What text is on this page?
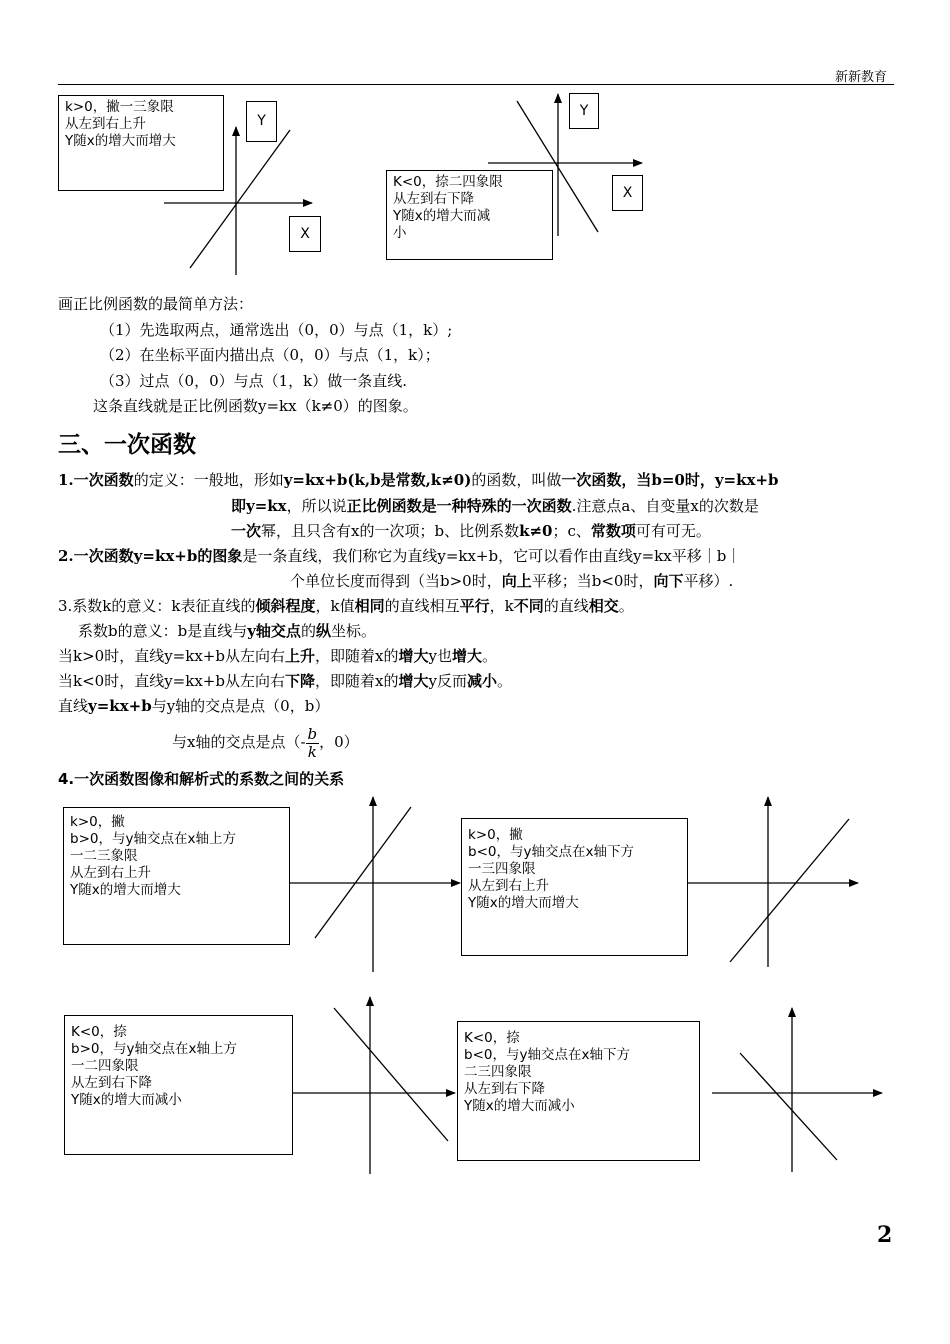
新新教育
k>0，撇一三象限
从左到右上升
Y随x的增大而增大
Y
X
K<0，捺二四象限
从左到右下降
Y随x的增大而减
小
Y
X
画正比例函数的最简单方法：
（1）先选取两点，通常选出（0，0）与点（1，k）;
（2）在坐标平面内描出点（0，0）与点（1，k）；
（3）过点（0，0）与点（1，k）做一条直线.
这条直线就是正比例函数y=kx（k≠0）的图象。
三、一次函数
1.一次函数的定义：一般地，形如y=kx+b(k,b是常数,k≠0)的函数，叫做一次函数，当b=0时，y=kx+b
即y=kx，所以说正比例函数是一种特殊的一次函数.注意点a、自变量x的次数是
一次幂，且只含有x的一次项；b、比例系数k≠0；c、常数项可有可无。
2.一次函数y=kx+b的图象是一条直线，我们称它为直线y=kx+b，它可以看作由直线y=kx平移｜b｜
个单位长度而得到（当b>0时，向上平移；当b<0时，向下平移）.
3.系数k的意义：k表征直线的倾斜程度，k值相同的直线相互平行，k不同的直线相交。
系数b的意义：b是直线与y轴交点的纵坐标。
当k>0时，直线y=kx+b从左向右上升，即随着x的增大y也增大。
当k<0时，直线y=kx+b从左向右下降，即随着x的增大y反而减小。
直线y=kx+b与y轴的交点是点（0，b）
与x轴的交点是点（- $\frac{b}{k}$ ，0）
4.一次函数图像和解析式的系数之间的关系
k>0，撇
b>0，与y轴交点在x轴上方
一二三象限
从左到右上升
Y随x的增大而增大
k>0，撇
b<0，与y轴交点在x轴下方
一三四象限
从左到右上升
Y随x的增大而增大
K<0，捺
b>0，与y轴交点在x轴上方
一二四象限
从左到右下降
Y随x的增大而减小
K<0，捺
b<0，与y轴交点在x轴下方
二三四象限
从左到右下降
Y随x的增大而减小
2
